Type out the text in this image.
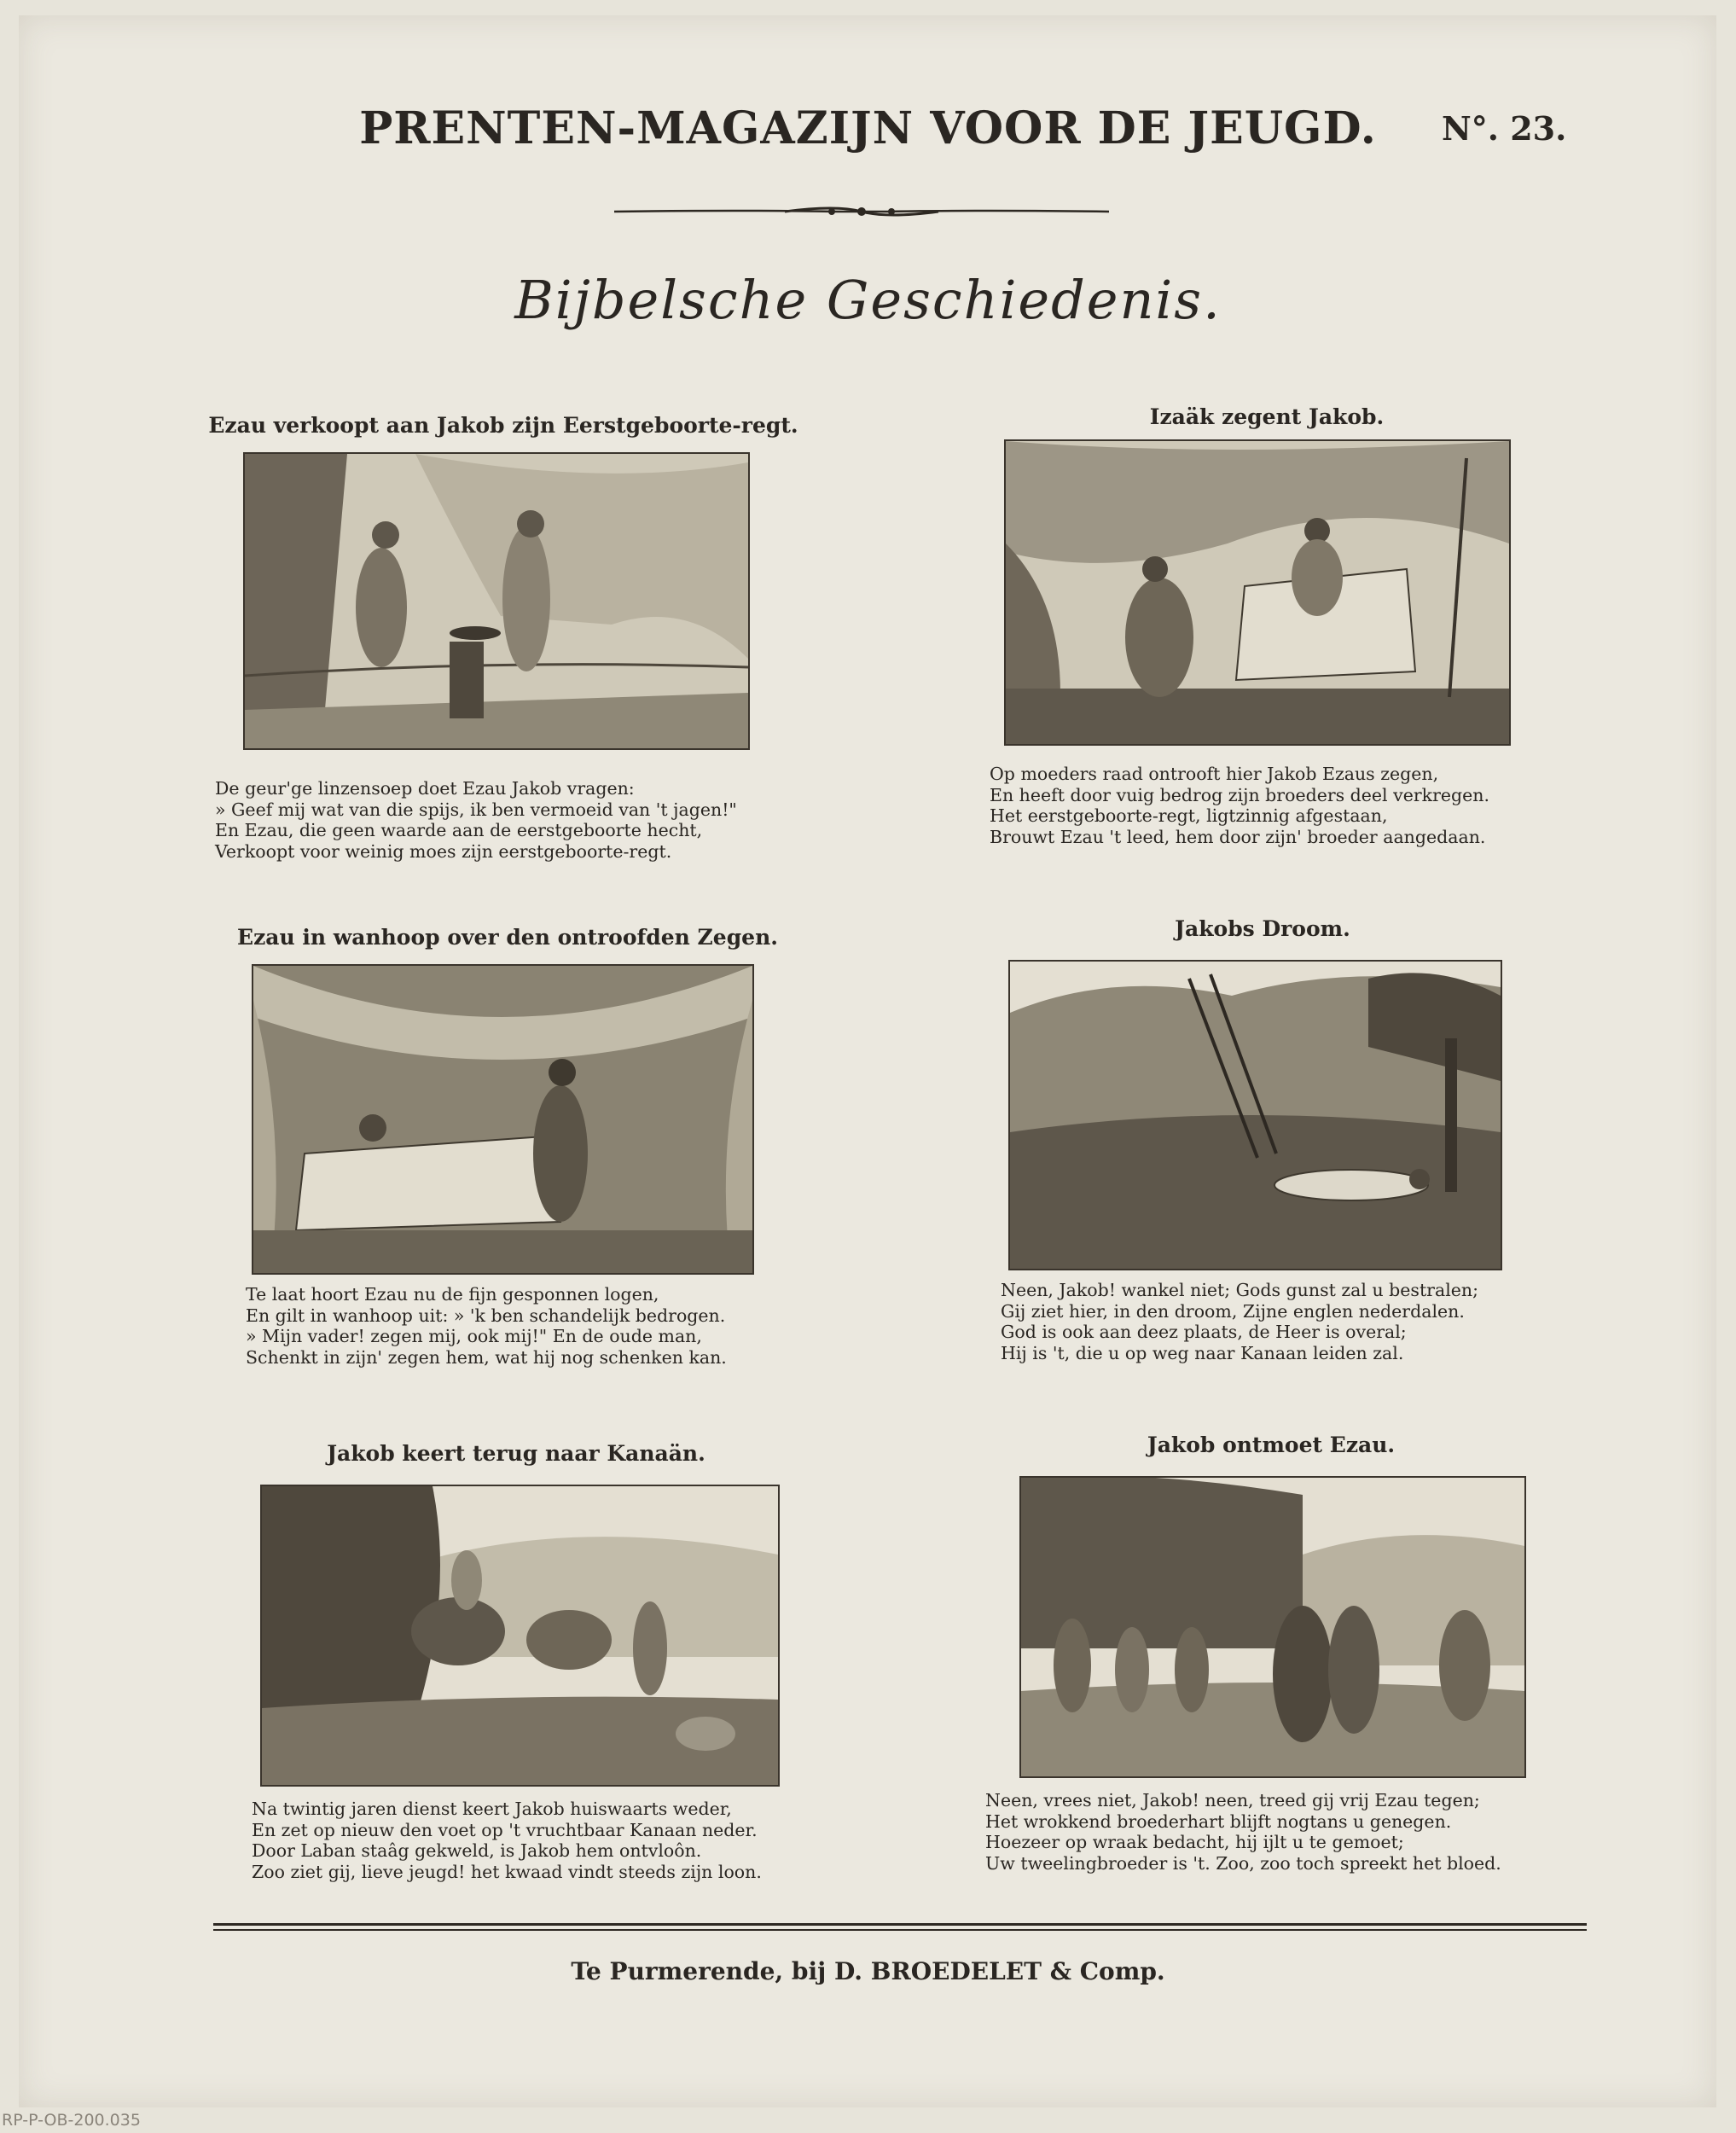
PRENTEN-MAGAZIJN VOOR DE JEUGD.	N°. 23.
Bijbelsche Geschiedenis.
Ezau verkoopt aan Jakob zijn Eerstgeboorte-regt.
De geur'ge linzensoep doet Ezau Jakob vragen:
» Geef mij wat van die spijs, ik ben vermoeid van 't jagen!"
En Ezau, die geen waarde aan de eerstgeboorte hecht,
Verkoopt voor weinig moes zijn eerstgeboorte-regt.
Izaäk zegent Jakob.
Op moeders raad ontrooft hier Jakob Ezaus zegen,
En heeft door vuig bedrog zijn broeders deel verkregen.
Het eerstgeboorte-regt, ligtzinnig afgestaan,
Brouwt Ezau 't leed, hem door zijn' broeder aangedaan.
Ezau in wanhoop over den ontroofden Zegen.
Te laat hoort Ezau nu de fijn gesponnen logen,
En gilt in wanhoop uit: » 'k ben schandelijk bedrogen.
» Mijn vader! zegen mij, ook mij!" En de oude man,
Schenkt in zijn' zegen hem, wat hij nog schenken kan.
Jakobs Droom.
Neen, Jakob! wankel niet; Gods gunst zal u bestralen;
Gij ziet hier, in den droom, Zijne englen nederdalen.
God is ook aan deez plaats, de Heer is overal;
Hij is 't, die u op weg naar Kanaan leiden zal.
Jakob keert terug naar Kanaän.
Na twintig jaren dienst keert Jakob huiswaarts weder,
En zet op nieuw den voet op 't vruchtbaar Kanaan neder.
Door Laban staâg gekweld, is Jakob hem ontvloôn.
Zoo ziet gij, lieve jeugd! het kwaad vindt steeds zijn loon.
Jakob ontmoet Ezau.
Neen, vrees niet, Jakob! neen, treed gij vrij Ezau tegen;
Het wrokkend broederhart blijft nogtans u genegen.
Hoezeer op wraak bedacht, hij ijlt u te gemoet;
Uw tweelingbroeder is 't. Zoo, zoo toch spreekt het bloed.
Te Purmerende, bij D. BROEDELET & Comp.
RP-P-OB-200.035
